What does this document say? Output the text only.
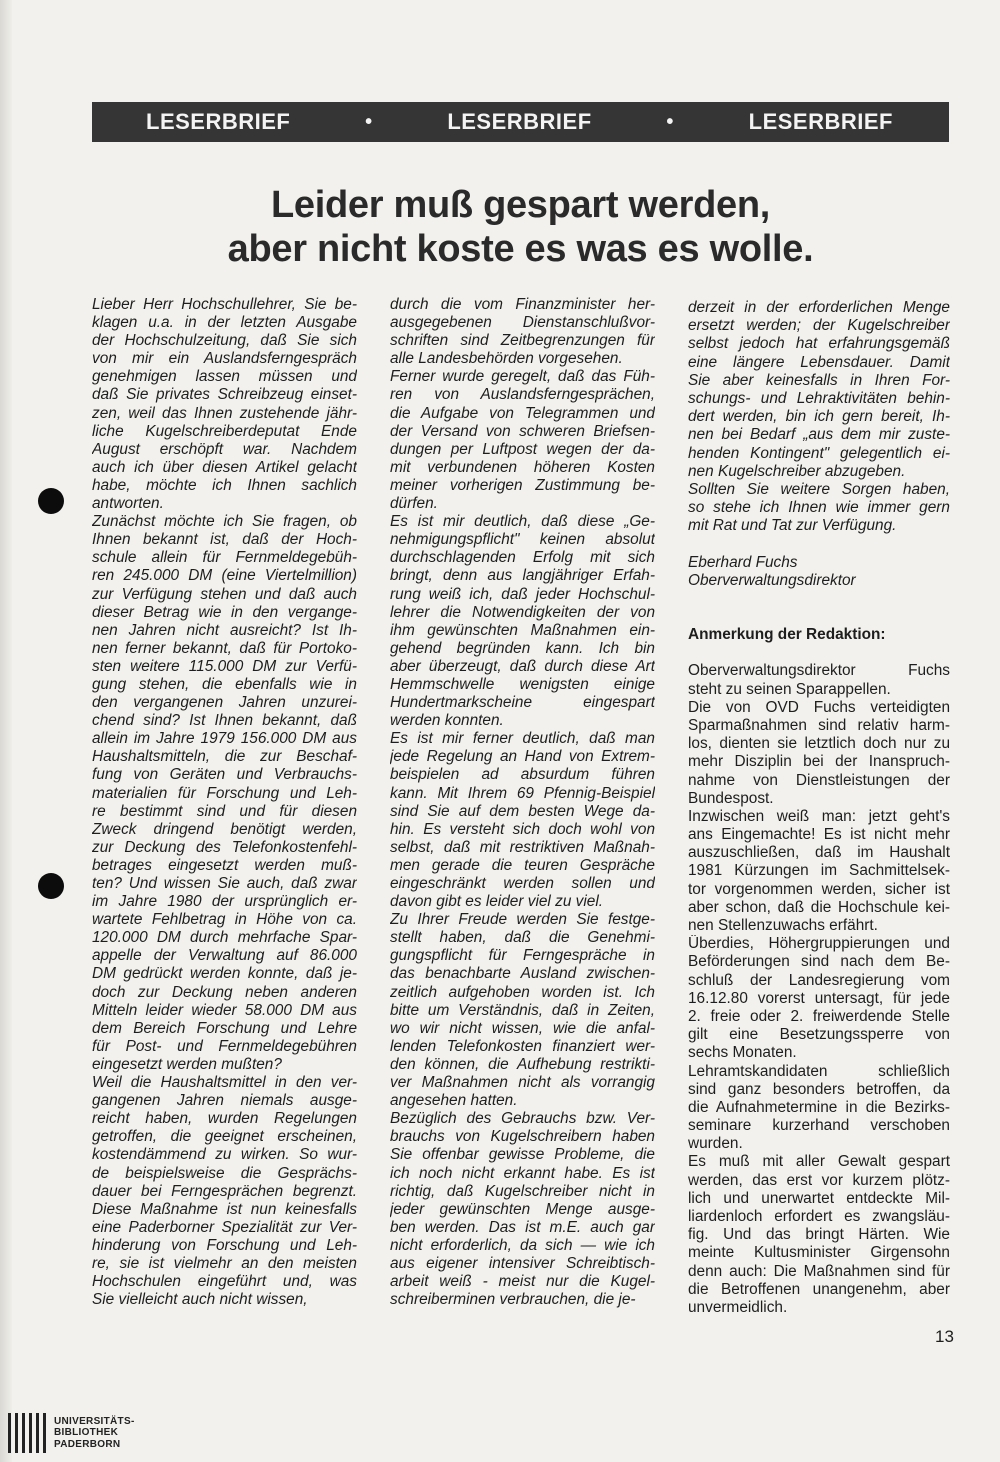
LESERBRIEF	•	LESERBRIEF	•	LESERBRIEF
Leider muß gespart werden,
aber nicht koste es was es wolle.
Lieber Herr Hochschullehrer, Sie be-
klagen u.a. in der letzten Ausgabe
der Hochschulzeitung, daß Sie sich
von mir ein Auslandsferngespräch
genehmigen lassen müssen und
daß Sie privates Schreibzeug einset-
zen, weil das Ihnen zustehende jähr-
liche Kugelschreiberdeputat Ende
August erschöpft war. Nachdem
auch ich über diesen Artikel gelacht
habe, möchte ich Ihnen sachlich
antworten.
Zunächst möchte ich Sie fragen, ob
Ihnen bekannt ist, daß der Hoch-
schule allein für Fernmeldegebüh-
ren 245.000 DM (eine Viertelmillion)
zur Verfügung stehen und daß auch
dieser Betrag wie in den vergange-
nen Jahren nicht ausreicht? Ist Ih-
nen ferner bekannt, daß für Portoko-
sten weitere 115.000 DM zur Verfü-
gung stehen, die ebenfalls wie in
den vergangenen Jahren unzurei-
chend sind? Ist Ihnen bekannt, daß
allein im Jahre 1979 156.000 DM aus
Haushaltsmitteln, die zur Beschaf-
fung von Geräten und Verbrauchs-
materialien für Forschung und Leh-
re bestimmt sind und für diesen
Zweck dringend benötigt werden,
zur Deckung des Telefonkostenfehl-
betrages eingesetzt werden muß-
ten? Und wissen Sie auch, daß zwar
im Jahre 1980 der ursprünglich er-
wartete Fehlbetrag in Höhe von ca.
120.000 DM durch mehrfache Spar-
appelle der Verwaltung auf 86.000
DM gedrückt werden konnte, daß je-
doch zur Deckung neben anderen
Mitteln leider wieder 58.000 DM aus
dem Bereich Forschung und Lehre
für Post- und Fernmeldegebühren
eingesetzt werden mußten?
Weil die Haushaltsmittel in den ver-
gangenen Jahren niemals ausge-
reicht haben, wurden Regelungen
getroffen, die geeignet erscheinen,
kostendämmend zu wirken. So wur-
de beispielsweise die Gesprächs-
dauer bei Ferngesprächen begrenzt.
Diese Maßnahme ist nun keinesfalls
eine Paderborner Spezialität zur Ver-
hinderung von Forschung und Leh-
re, sie ist vielmehr an den meisten
Hochschulen eingeführt und, was
Sie vielleicht auch nicht wissen,
durch die vom Finanzminister her-
ausgegebenen Dienstanschlußvor-
schriften sind Zeitbegrenzungen für
alle Landesbehörden vorgesehen.
Ferner wurde geregelt, daß das Füh-
ren von Auslandsferngesprächen,
die Aufgabe von Telegrammen und
der Versand von schweren Briefsen-
dungen per Luftpost wegen der da-
mit verbundenen höheren Kosten
meiner vorherigen Zustimmung be-
dürfen.
Es ist mir deutlich, daß diese „Ge-
nehmigungspflicht" keinen absolut
durchschlagenden Erfolg mit sich
bringt, denn aus langjähriger Erfah-
rung weiß ich, daß jeder Hochschul-
lehrer die Notwendigkeiten der von
ihm gewünschten Maßnahmen ein-
gehend begründen kann. Ich bin
aber überzeugt, daß durch diese Art
Hemmschwelle wenigsten einige
Hundertmarkscheine eingespart
werden konnten.
Es ist mir ferner deutlich, daß man
jede Regelung an Hand von Extrem-
beispielen ad absurdum führen
kann. Mit Ihrem 69 Pfennig-Beispiel
sind Sie auf dem besten Wege da-
hin. Es versteht sich doch wohl von
selbst, daß mit restriktiven Maßnah-
men gerade die teuren Gespräche
eingeschränkt werden sollen und
davon gibt es leider viel zu viel.
Zu Ihrer Freude werden Sie festge-
stellt haben, daß die Genehmi-
gungspflicht für Ferngespräche in
das benachbarte Ausland zwischen-
zeitlich aufgehoben worden ist. Ich
bitte um Verständnis, daß in Zeiten,
wo wir nicht wissen, wie die anfal-
lenden Telefonkosten finanziert wer-
den können, die Aufhebung restrikti-
ver Maßnahmen nicht als vorrangig
angesehen hatten.
Bezüglich des Gebrauchs bzw. Ver-
brauchs von Kugelschreibern haben
Sie offenbar gewisse Probleme, die
ich noch nicht erkannt habe. Es ist
richtig, daß Kugelschreiber nicht in
jeder gewünschten Menge ausge-
ben werden. Das ist m.E. auch gar
nicht erforderlich, da sich — wie ich
aus eigener intensiver Schreibtisch-
arbeit weiß - meist nur die Kugel-
schreiberminen verbrauchen, die je-
derzeit in der erforderlichen Menge
ersetzt werden; der Kugelschreiber
selbst jedoch hat erfahrungsgemäß
eine längere Lebensdauer. Damit
Sie aber keinesfalls in Ihren For-
schungs- und Lehraktivitäten behin-
dert werden, bin ich gern bereit, Ih-
nen bei Bedarf „aus dem mir zuste-
henden Kontingent" gelegentlich ei-
nen Kugelschreiber abzugeben.
Sollten Sie weitere Sorgen haben,
so stehe ich Ihnen wie immer gern
mit Rat und Tat zur Verfügung.
Eberhard Fuchs
Oberverwaltungsdirektor
Anmerkung der Redaktion:
Oberverwaltungsdirektor Fuchs
steht zu seinen Sparappellen.
Die von OVD Fuchs verteidigten
Sparmaßnahmen sind relativ harm-
los, dienten sie letztlich doch nur zu
mehr Disziplin bei der Inanspruch-
nahme von Dienstleistungen der
Bundespost.
Inzwischen weiß man: jetzt geht's
ans Eingemachte! Es ist nicht mehr
auszuschließen, daß im Haushalt
1981 Kürzungen im Sachmittelsek-
tor vorgenommen werden, sicher ist
aber schon, daß die Hochschule kei-
nen Stellenzuwachs erfährt.
Überdies, Höhergruppierungen und
Beförderungen sind nach dem Be-
schluß der Landesregierung vom
16.12.80 vorerst untersagt, für jede
2. freie oder 2. freiwerdende Stelle
gilt eine Besetzungssperre von
sechs Monaten.
Lehramtskandidaten schließlich
sind ganz besonders betroffen, da
die Aufnahmetermine in die Bezirks-
seminare kurzerhand verschoben
wurden.
Es muß mit aller Gewalt gespart
werden, das erst vor kurzem plötz-
lich und unerwartet entdeckte Mil-
liardenloch erfordert es zwangsläu-
fig. Und das bringt Härten. Wie
meinte Kultusminister Girgensohn
denn auch: Die Maßnahmen sind für
die Betroffenen unangenehm, aber
unvermeidlich.
13
UNIVERSITÄTS-
BIBLIOTHEK
PADERBORN
